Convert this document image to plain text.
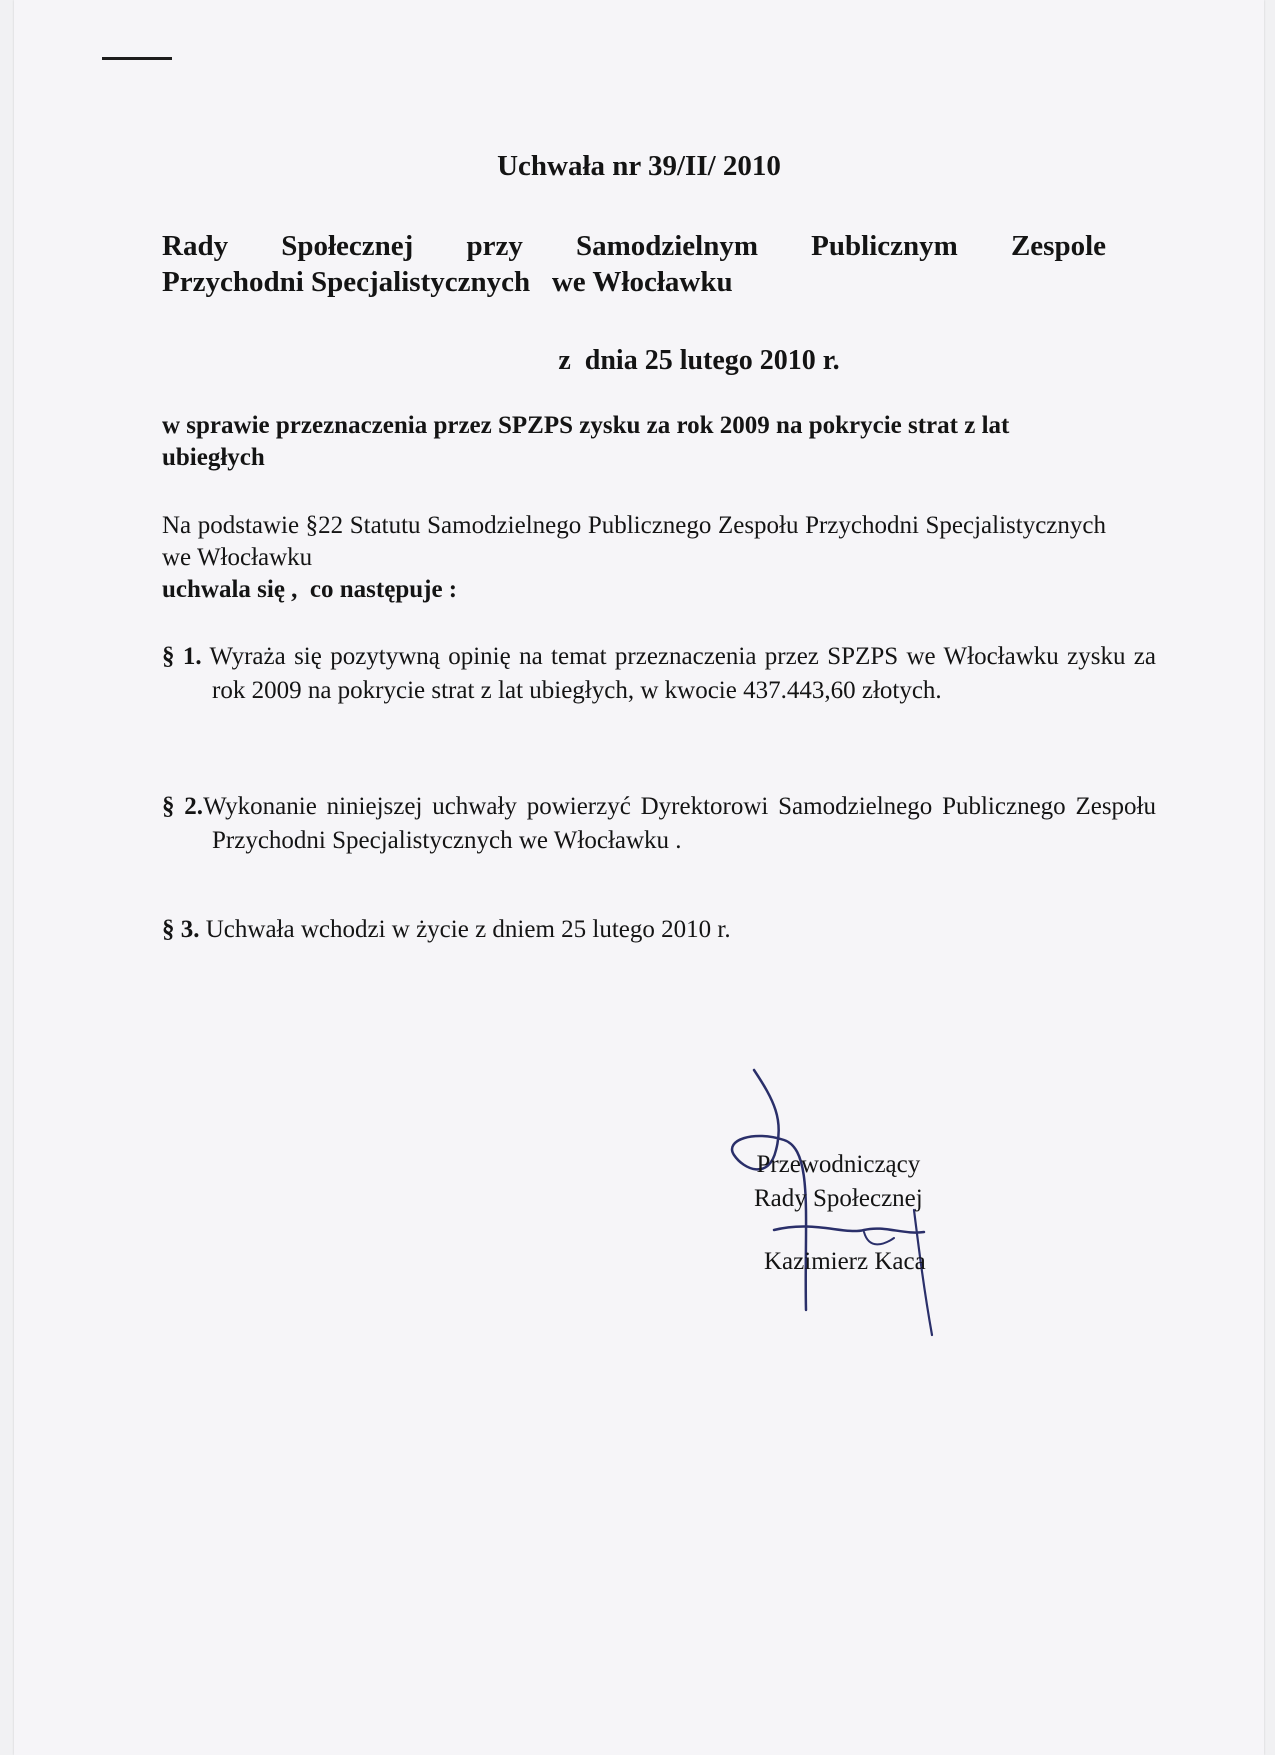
Uchwała nr 39/II/ 2010
Rady Społecznej przy Samodzielnym Publicznym Zespole
Przychodni Specjalistycznych   we Włocławku
z  dnia 25 lutego 2010 r.
w sprawie przeznaczenia przez SPZPS zysku za rok 2009 na pokrycie strat z lat ubiegłych
Na podstawie §22 Statutu Samodzielnego Publicznego Zespołu Przychodni Specjalistycznych we Włocławku
uchwala się ,  co następuje :
§ 1. Wyraża się pozytywną opinię na temat przeznaczenia przez SPZPS we Włocławku zysku za rok 2009 na pokrycie strat z lat ubiegłych, w kwocie 437.443,60 złotych.
§ 2.Wykonanie niniejszej uchwały powierzyć Dyrektorowi Samodzielnego Publicznego Zespołu Przychodni Specjalistycznych we Włocławku .
§ 3. Uchwała wchodzi w życie z dniem 25 lutego 2010 r.
Przewodniczący
Rady Społecznej
Kazimierz Kaca
